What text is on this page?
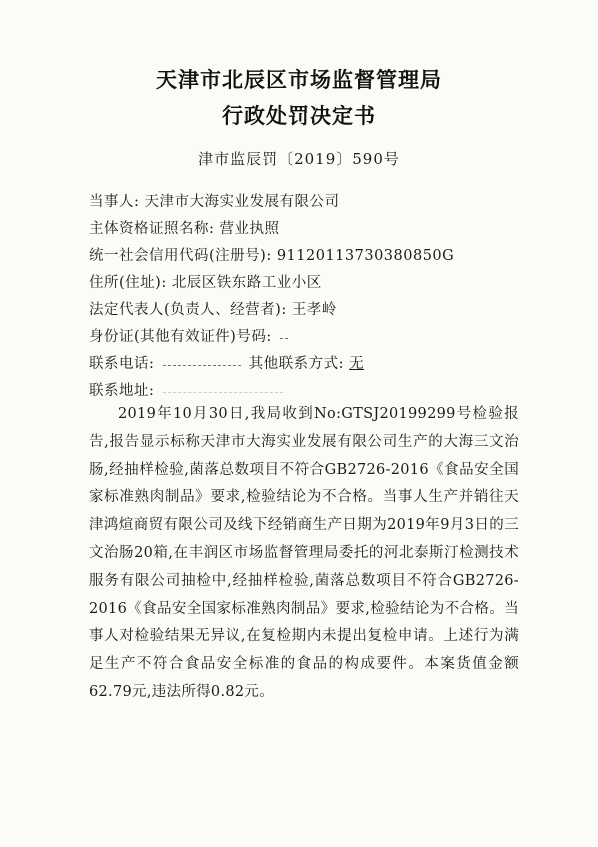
天津市北辰区市场监督管理局
行政处罚决定书
津市监辰罚〔2019〕590号
当事人: 天津市大海实业发展有限公司
主体资格证照名称: 营业执照
统一社会信用代码(注册号): 91120113730380850G
住所(住址): 北辰区铁东路工业小区
法定代表人(负责人、经营者): 王孝岭
身份证(其他有效证件)号码:
联系电话:	其他联系方式: 无
联系地址:
2019年10月30日,我局收到No:GTSJ20199299号检验报告,报告显示标称天津市大海实业发展有限公司生产的大海三文治肠,经抽样检验,菌落总数项目不符合GB2726-2016《食品安全国家标准熟肉制品》要求,检验结论为不合格。当事人生产并销往天津鸿煊商贸有限公司及线下经销商生产日期为2019年9月3日的三文治肠20箱,在丰润区市场监督管理局委托的河北泰斯汀检测技术服务有限公司抽检中,经抽样检验,菌落总数项目不符合GB2726-2016《食品安全国家标准熟肉制品》要求,检验结论为不合格。当事人对检验结果无异议,在复检期内未提出复检申请。上述行为满足生产不符合食品安全标准的食品的构成要件。本案货值金额62.79元,违法所得0.82元。
